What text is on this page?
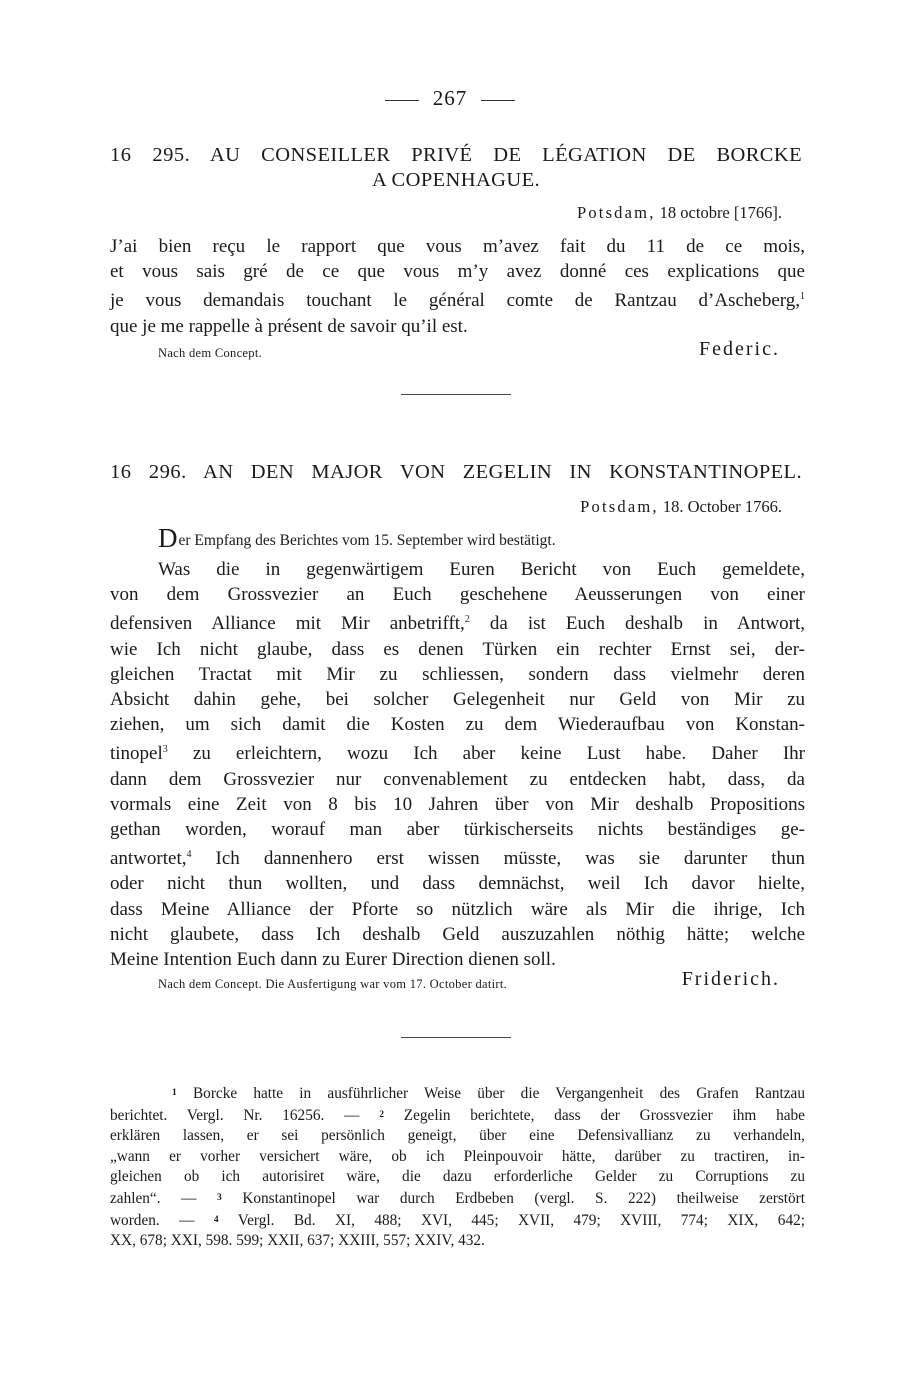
267
16 295. AU CONSEILLER PRIVÉ DE LÉGATION DE BORCKE
A COPENHAGUE.
Potsdam, 18 octobre [1766].
J’ai bien reçu le rapport que vous m’avez fait du 11 de ce mois,
et vous sais gré de ce que vous m’y avez donné ces explications que
je vous demandais touchant le général comte de Rantzau d’Ascheberg,$^1$
que je me rappelle à présent de savoir qu’il est.
Nach dem Concept.	Federic.
16 296. AN DEN MAJOR VON ZEGELIN IN KONSTANTINOPEL.
Potsdam, 18. October 1766.
Der Empfang des Berichtes vom 15. September wird bestätigt.
Was die in gegenwärtigem Euren Bericht von Euch gemeldete,
von dem Grossvezier an Euch geschehene Aeusserungen von einer
defensiven Alliance mit Mir anbetrifft,$^2$ da ist Euch deshalb in Antwort,
wie Ich nicht glaube, dass es denen Türken ein rechter Ernst sei, der-
gleichen Tractat mit Mir zu schliessen, sondern dass vielmehr deren
Absicht dahin gehe, bei solcher Gelegenheit nur Geld von Mir zu
ziehen, um sich damit die Kosten zu dem Wiederaufbau von Konstan-
tinopel$^3$ zu erleichtern, wozu Ich aber keine Lust habe. Daher Ihr
dann dem Grossvezier nur convenablement zu entdecken habt, dass, da
vormals eine Zeit von 8 bis 10 Jahren über von Mir deshalb Propositions
gethan worden, worauf man aber türkischerseits nichts beständiges ge-
antwortet,$^4$ Ich dannenhero erst wissen müsste, was sie darunter thun
oder nicht thun wollten, und dass demnächst, weil Ich davor hielte,
dass Meine Alliance der Pforte so nützlich wäre als Mir die ihrige, Ich
nicht glaubete, dass Ich deshalb Geld auszuzahlen nöthig hätte; welche
Meine Intention Euch dann zu Eurer Direction dienen soll.
Nach dem Concept. Die Ausfertigung war vom 17. October datirt.	Friderich.
1 Borcke hatte in ausführlicher Weise über die Vergangenheit des Grafen Rantzau
berichtet. Vergl. Nr. 16256. — 2 Zegelin berichtete, dass der Grossvezier ihm habe
erklären lassen, er sei persönlich geneigt, über eine Defensivallianz zu verhandeln,
„wann er vorher versichert wäre, ob ich Pleinpouvoir hätte, darüber zu tractiren, in-
gleichen ob ich autorisiret wäre, die dazu erforderliche Gelder zu Corruptions zu
zahlen“. — 3 Konstantinopel war durch Erdbeben (vergl. S. 222) theilweise zerstört
worden. — 4 Vergl. Bd. XI, 488; XVI, 445; XVII, 479; XVIII, 774; XIX, 642;
XX, 678; XXI, 598. 599; XXII, 637; XXIII, 557; XXIV, 432.
